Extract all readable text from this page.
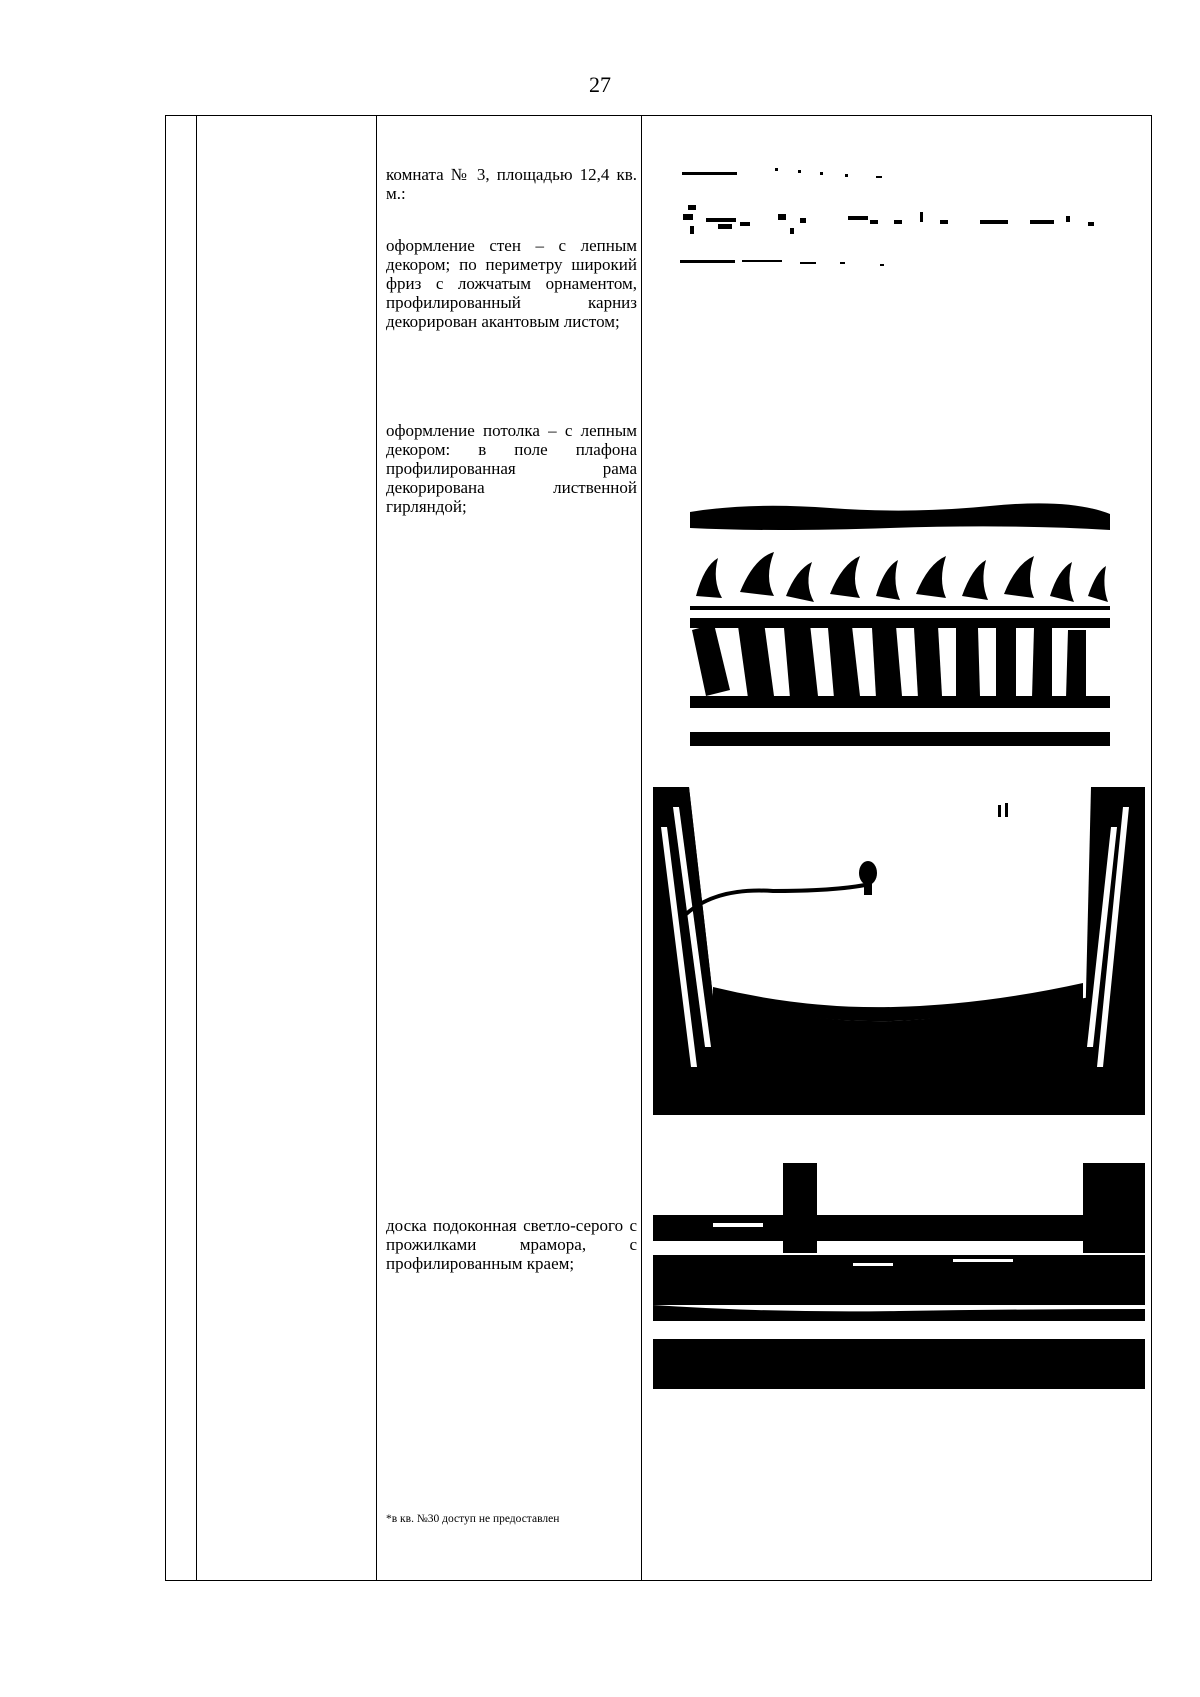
27

комната № 3, площадью 12,4 кв. м.:

оформление стен – с лепным декором; по периметру широкий фриз с ложчатым орнаментом, профилированный карниз декорирован акантовым листом;

оформление потолка – с лепным декором: в поле плафона профилированная рама декорирована лиственной гирляндой;

доска подоконная светло-серого с прожилками мрамора, с профилированным краем;

*в кв. №30 доступ не предоставлен
